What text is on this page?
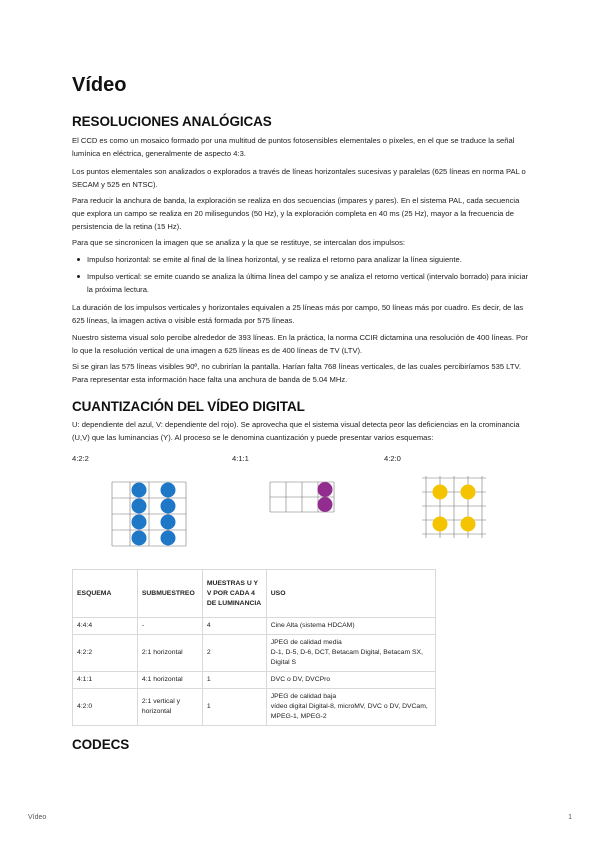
Vídeo
RESOLUCIONES ANALÓGICAS

El CCD es como un mosaico formado por una multitud de puntos fotosensibles elementales o píxeles, en el que se traduce la señal lumínica en eléctrica, generalmente de aspecto 4:3.

Los puntos elementales son analizados o explorados a través de líneas horizontales sucesivas y paralelas (625 líneas en norma PAL o SECAM y 525 en NTSC).

Para reducir la anchura de banda, la exploración se realiza en dos secuencias (impares y pares). En el sistema PAL, cada secuencia que explora un campo se realiza en 20 milisegundos (50 Hz), y la exploración completa en 40 ms (25 Hz), mayor a la frecuencia de persistencia de la retina (15 Hz).

Para que se sincronicen la imagen que se analiza y la que se restituye, se intercalan dos impulsos:

Impulso horizontal: se emite al final de la línea horizontal, y se realiza el retorno para analizar la línea siguiente.
Impulso vertical: se emite cuando se analiza la última línea del campo y se analiza el retorno vertical (intervalo borrado) para iniciar la próxima lectura.

La duración de los impulsos verticales y horizontales equivalen a 25 líneas más por campo, 50 líneas más por cuadro. Es decir, de las 625 líneas, la imagen activa o visible está formada por 575 líneas.

Nuestro sistema visual solo percibe alrededor de 393 líneas. En la práctica, la norma CCIR dictamina una resolución de 400 líneas. Por lo que la resolución vertical de una imagen a 625 líneas es de 400 líneas de TV (LTV).

Si se giran las 575 líneas visibles 90º, no cubrirían la pantalla. Harían falta 768 líneas verticales, de las cuales percibiríamos 535 LTV. Para representar esta información hace falta una anchura de banda de 5.04 MHz.

CUANTIZACIÓN DEL VÍDEO DIGITAL

U: dependiente del azul, V: dependiente del rojo). Se aprovecha que el sistema visual detecta peor las deficiencias en la crominancia (U,V) que las luminancias (Y). Al proceso se le denomina cuantización y puede presentar varios esquemas:

4:2:2	4:1:1	4:2:0
ESQUEMA	SUBMUESTREO	MUESTRAS U Y V POR CADA 4 DE LUMINANCIA	USO
4:4:4	-	4	Cine Alta (sistema HDCAM)

4:2:2	2:1 horizontal	2	JPEG de calidad media
D-1, D-5, D-6, DCT, Betacam Digital, Betacam SX, Digital S

4:1:1	4:1 horizontal	1	DVC o DV, DVCPro

4:2:0	2:1 vertical y horizontal	1	JPEG de calidad baja
vídeo digital Digital-8, microMV, DVC o DV, DVCam, MPEG-1, MPEG-2
CODECS
Vídeo	1
